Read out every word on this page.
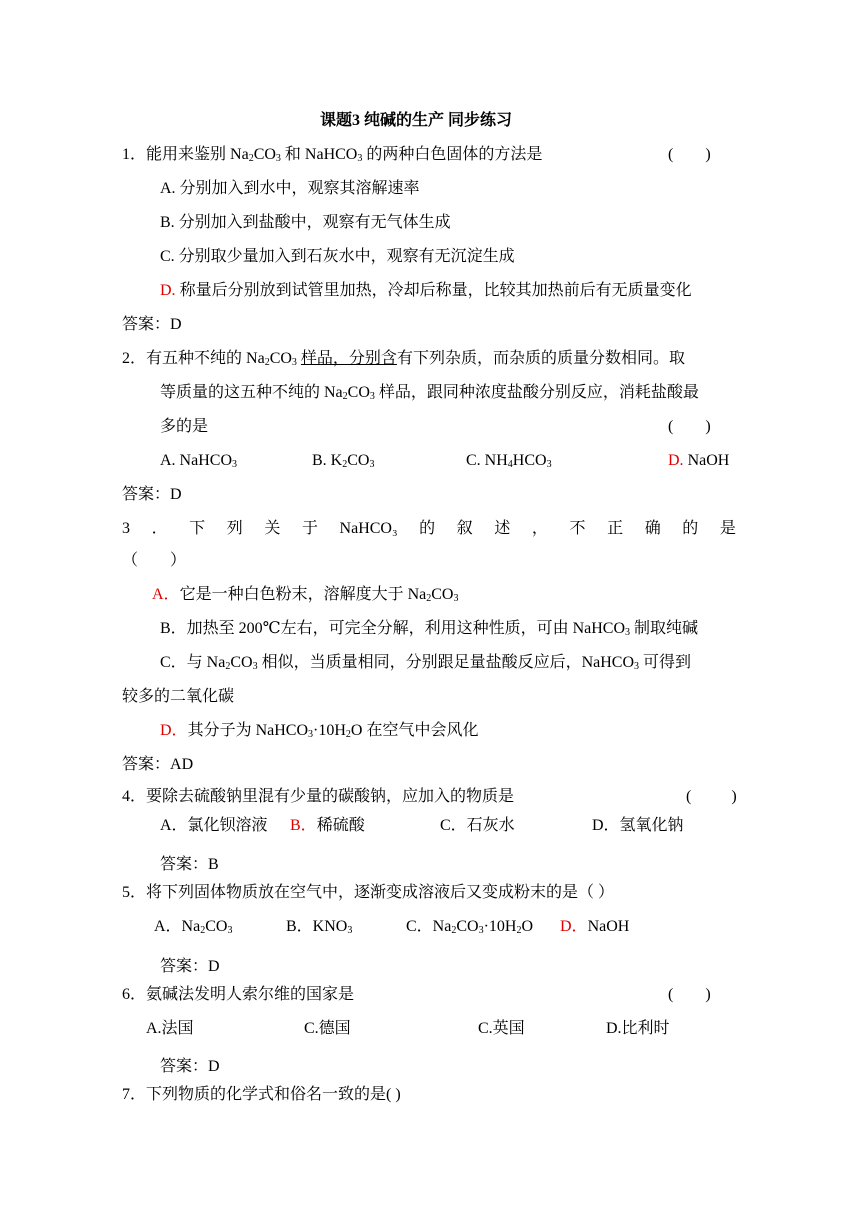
课题3 纯碱的生产 同步练习
1．能用来鉴别 $Na_2CO_3$ 和 NaHCO$_3$ 的两种白色固体的方法是	(        )
A. 分别加入到水中，观察其溶解速率
B. 分别加入到盐酸中，观察有无气体生成
C. 分别取少量加入到石灰水中，观察有无沉淀生成
D. 称量后分别放到试管里加热，冷却后称量，比较其加热前后有无质量变化
答案：D
2．有五种不纯的 $Na_2CO_3$ 样品，分别含有下列杂质，而杂质的质量分数相同。取
等质量的这五种不纯的 $Na_2CO_3$ 样品，跟同种浓度盐酸分别反应，消耗盐酸最
多的是	(        )
A. NaHCO$_3$	B. $K_2CO_3$	C. $NH_4HCO_3$	D. NaOH
答案：D
3 ． 下 列 关 于 NaHCO₃ 的 叙 述 ， 不 正 确 的 是
（        ）
A．它是一种白色粉末，溶解度大于 $Na_2CO_3$
B．加热至 200℃左右，可完全分解，利用这种性质，可由 NaHCO$_3$ 制取纯碱
C．与 $Na_2CO_3$ 相似，当质量相同，分别跟足量盐酸反应后，NaHCO$_3$ 可得到
较多的二氧化碳
D．其分子为 $NaHCO_3\cdot 10H_2O$ 在空气中会风化
答案：AD
4．要除去硫酸钠里混有少量的碳酸钠，应加入的物质是	(          )
A．氯化钡溶液 B．稀硫酸	C．石灰水	D．氢氧化钠
答案：B
5．将下列固体物质放在空气中，逐渐变成溶液后又变成粉末的是（ ）
A．$Na_2CO_3$	B．$KNO_3$	C．$Na_2CO_3\cdot 10H_2O$ D．NaOH
答案：D
6．氨碱法发明人索尔维的国家是	(        )
A.法国	C.德国	C.英国	D.比利时
答案：D
7．下列物质的化学式和俗名一致的是( )
